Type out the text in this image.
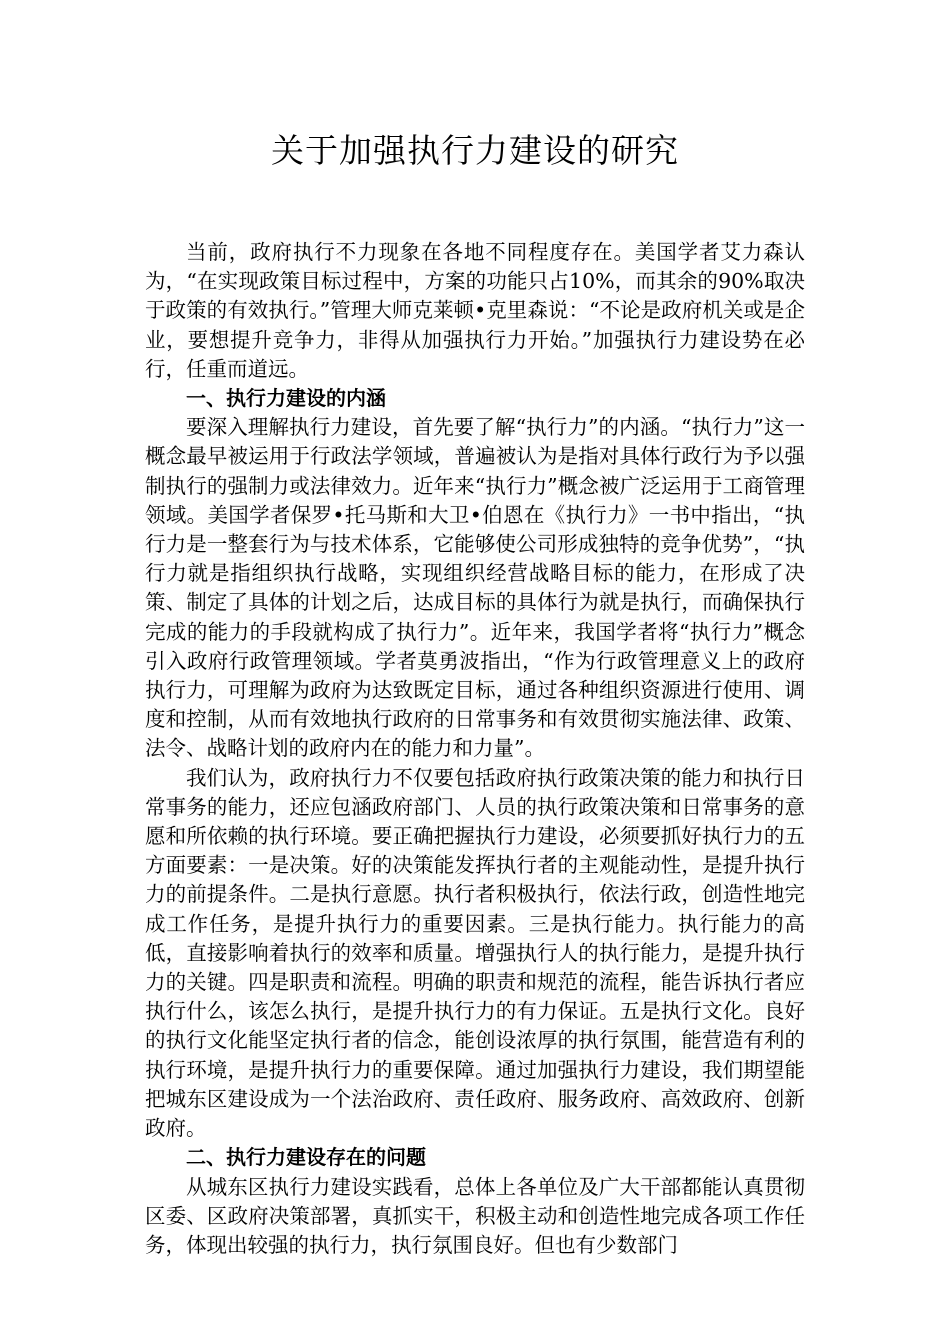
关于加强执行力建设的研究

当前，政府执行不力现象在各地不同程度存在。美国学者艾力森认为，“在实现政策目标过程中，方案的功能只占10%，而其余的90%取决于政策的有效执行。”管理大师克莱顿•克里森说：“不论是政府机关或是企业，要想提升竞争力，非得从加强执行力开始。”加强执行力建设势在必行，任重而道远。

一、执行力建设的内涵

要深入理解执行力建设，首先要了解“执行力”的内涵。“执行力”这一概念最早被运用于行政法学领域，普遍被认为是指对具体行政行为予以强制执行的强制力或法律效力。近年来“执行力”概念被广泛运用于工商管理领域。美国学者保罗•托马斯和大卫•伯恩在《执行力》一书中指出，“执行力是一整套行为与技术体系，它能够使公司形成独特的竞争优势”，“执行力就是指组织执行战略，实现组织经营战略目标的能力，在形成了决策、制定了具体的计划之后，达成目标的具体行为就是执行，而确保执行完成的能力的手段就构成了执行力”。近年来，我国学者将“执行力”概念引入政府行政管理领域。学者莫勇波指出，“作为行政管理意义上的政府执行力，可理解为政府为达致既定目标，通过各种组织资源进行使用、调度和控制，从而有效地执行政府的日常事务和有效贯彻实施法律、政策、法令、战略计划的政府内在的能力和力量”。

我们认为，政府执行力不仅要包括政府执行政策决策的能力和执行日常事务的能力，还应包涵政府部门、人员的执行政策决策和日常事务的意愿和所依赖的执行环境。要正确把握执行力建设，必须要抓好执行力的五方面要素：一是决策。好的决策能发挥执行者的主观能动性，是提升执行力的前提条件。二是执行意愿。执行者积极执行，依法行政，创造性地完成工作任务，是提升执行力的重要因素。三是执行能力。执行能力的高低，直接影响着执行的效率和质量。增强执行人的执行能力，是提升执行力的关键。四是职责和流程。明确的职责和规范的流程，能告诉执行者应执行什么，该怎么执行，是提升执行力的有力保证。五是执行文化。良好的执行文化能坚定执行者的信念，能创设浓厚的执行氛围，能营造有利的执行环境，是提升执行力的重要保障。通过加强执行力建设，我们期望能把城东区建设成为一个法治政府、责任政府、服务政府、高效政府、创新政府。

二、执行力建设存在的问题

从城东区执行力建设实践看，总体上各单位及广大干部都能认真贯彻区委、区政府决策部署，真抓实干，积极主动和创造性地完成各项工作任务，体现出较强的执行力，执行氛围良好。但也有少数部门
